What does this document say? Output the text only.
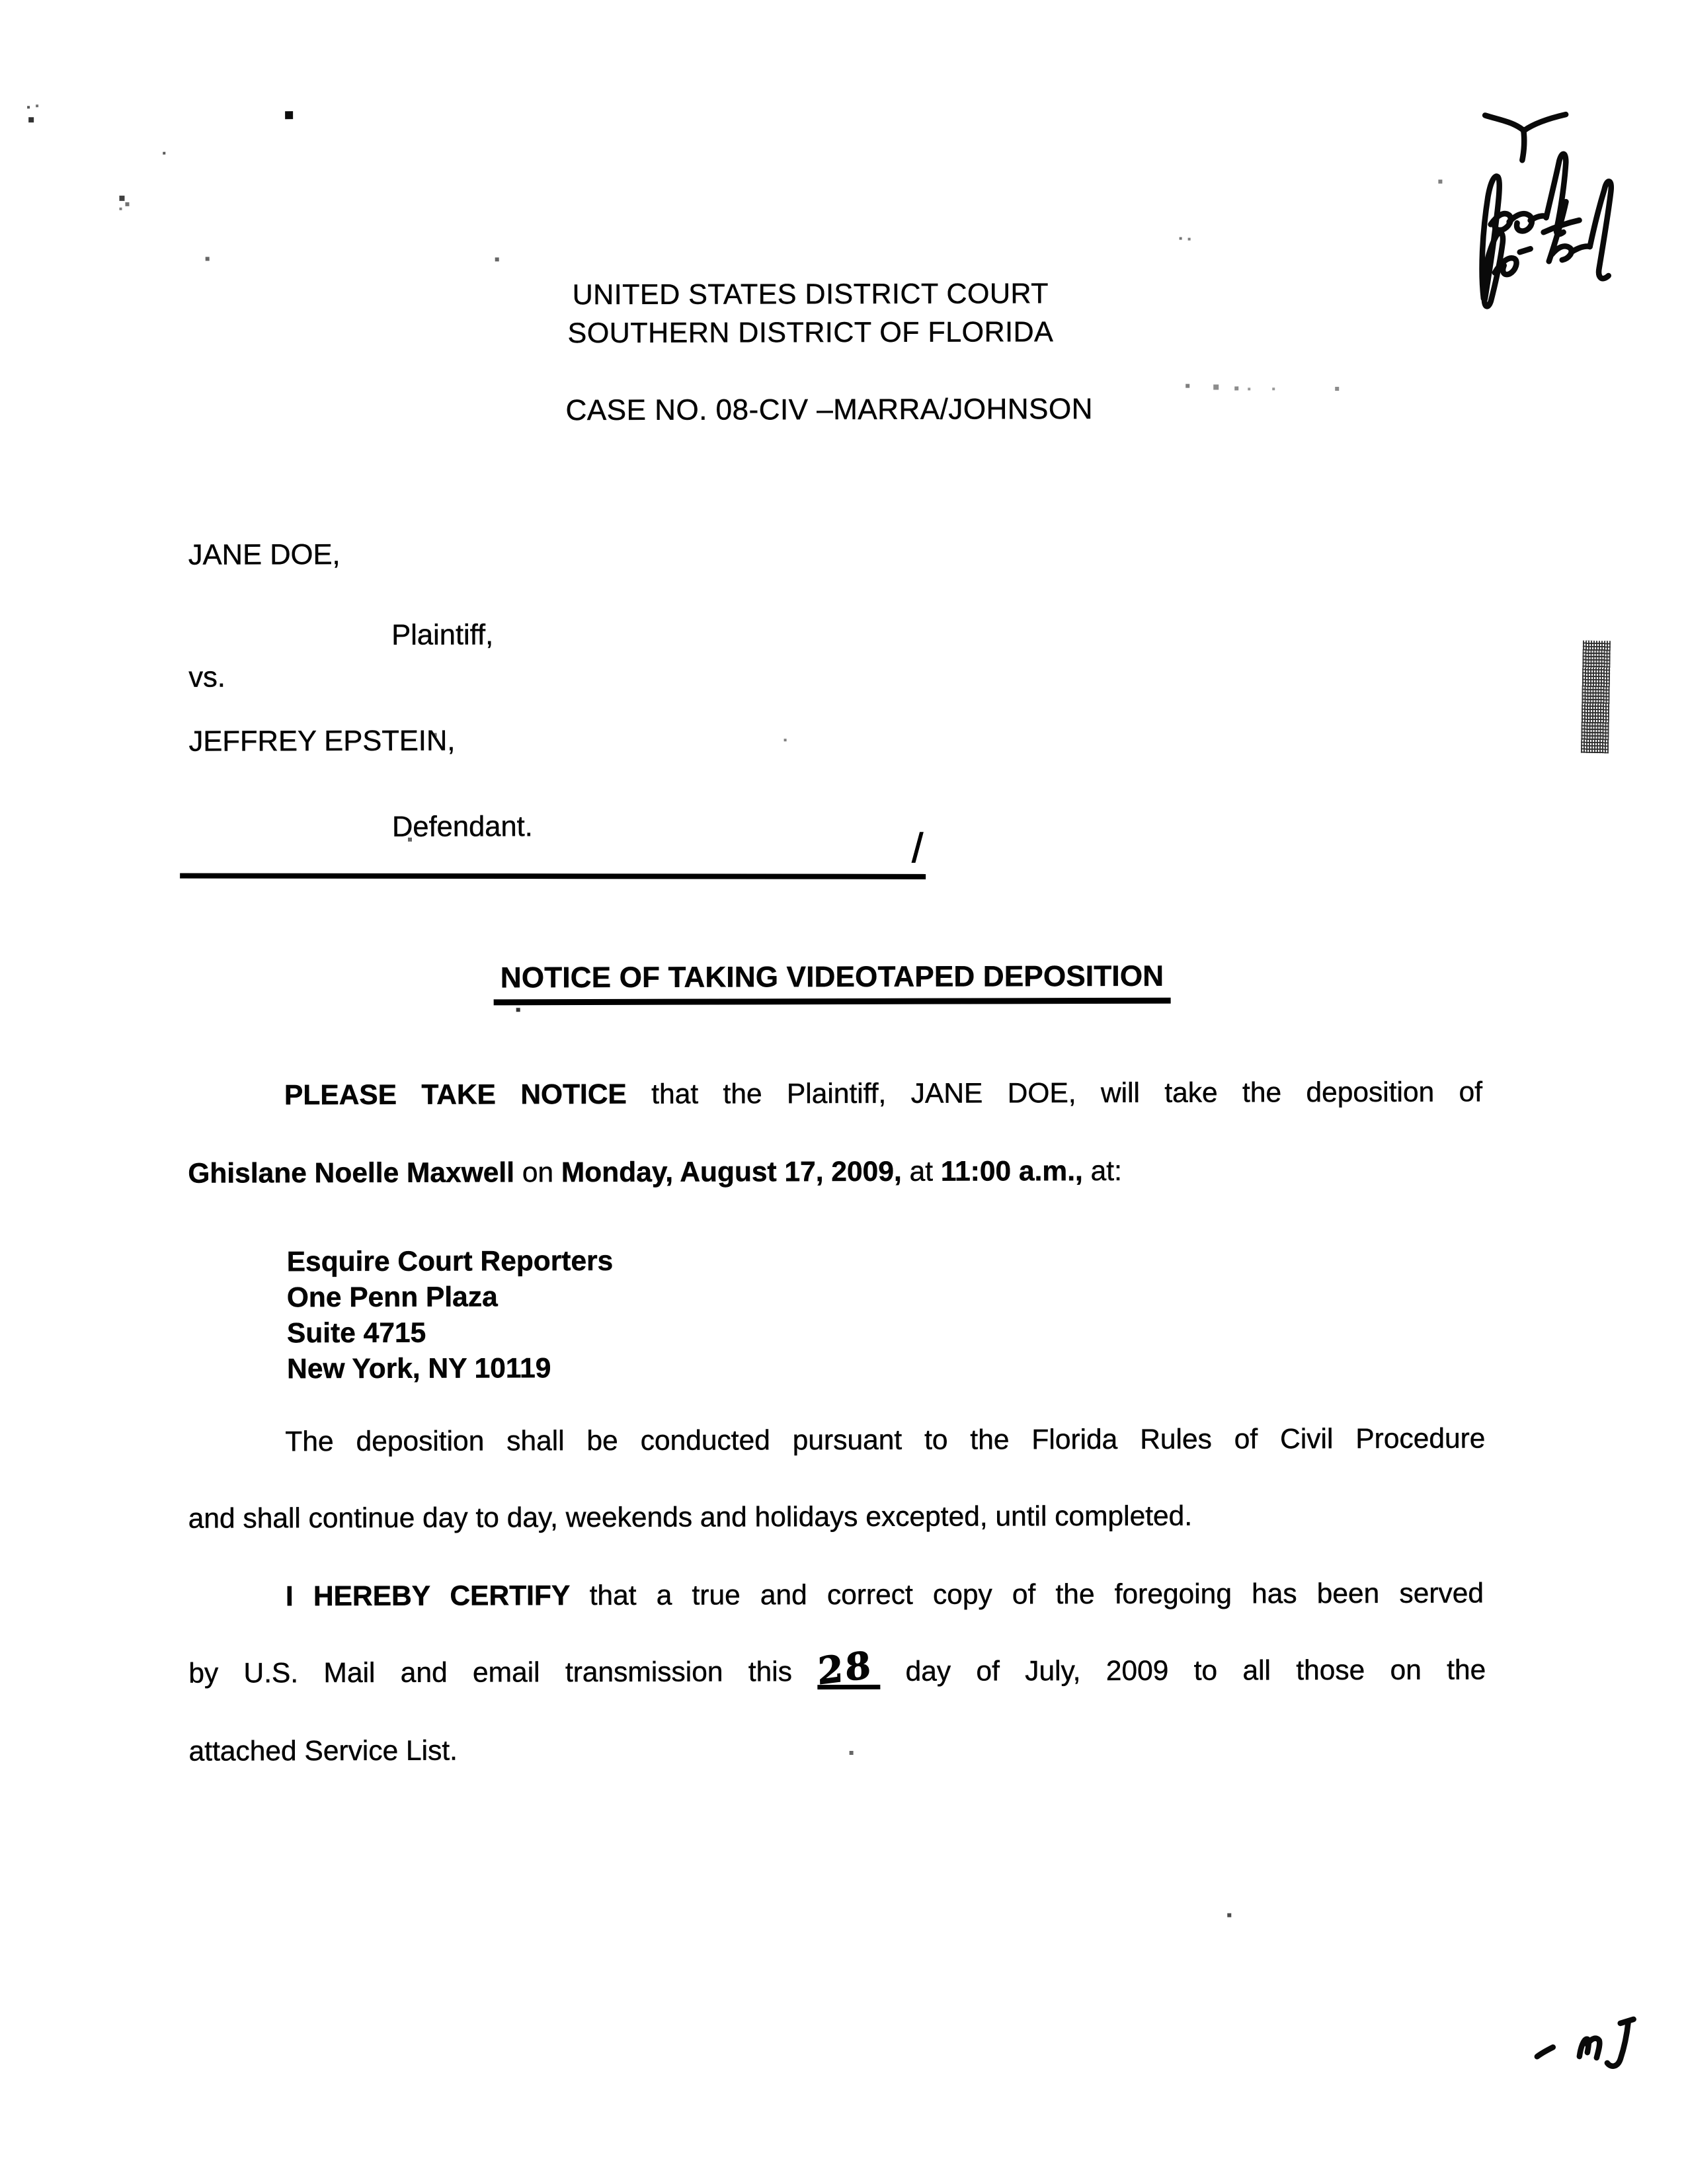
UNITED STATES DISTRICT COURT
SOUTHERN DISTRICT OF FLORIDA
CASE NO. 08-CIV –MARRA/JOHNSON
JANE DOE,
Plaintiff,
vs.
JEFFREY EPSTEIN,
Defendant.	/
NOTICE OF TAKING VIDEOTAPED DEPOSITION
PLEASE TAKE NOTICE that the Plaintiff, JANE DOE, will take the deposition of
Ghislane Noelle Maxwell on Monday, August 17, 2009, at 11:00 a.m., at:
Esquire Court Reporters
One Penn Plaza
Suite 4715
New York, NY 10119
The deposition shall be conducted pursuant to the Florida Rules of Civil Procedure
and shall continue day to day, weekends and holidays excepted, until completed.
I HEREBY CERTIFY that a true and correct copy of the foregoing has been served
by U.S. Mail and email transmission this 28 day of July, 2009 to all those on the
attached Service List.
